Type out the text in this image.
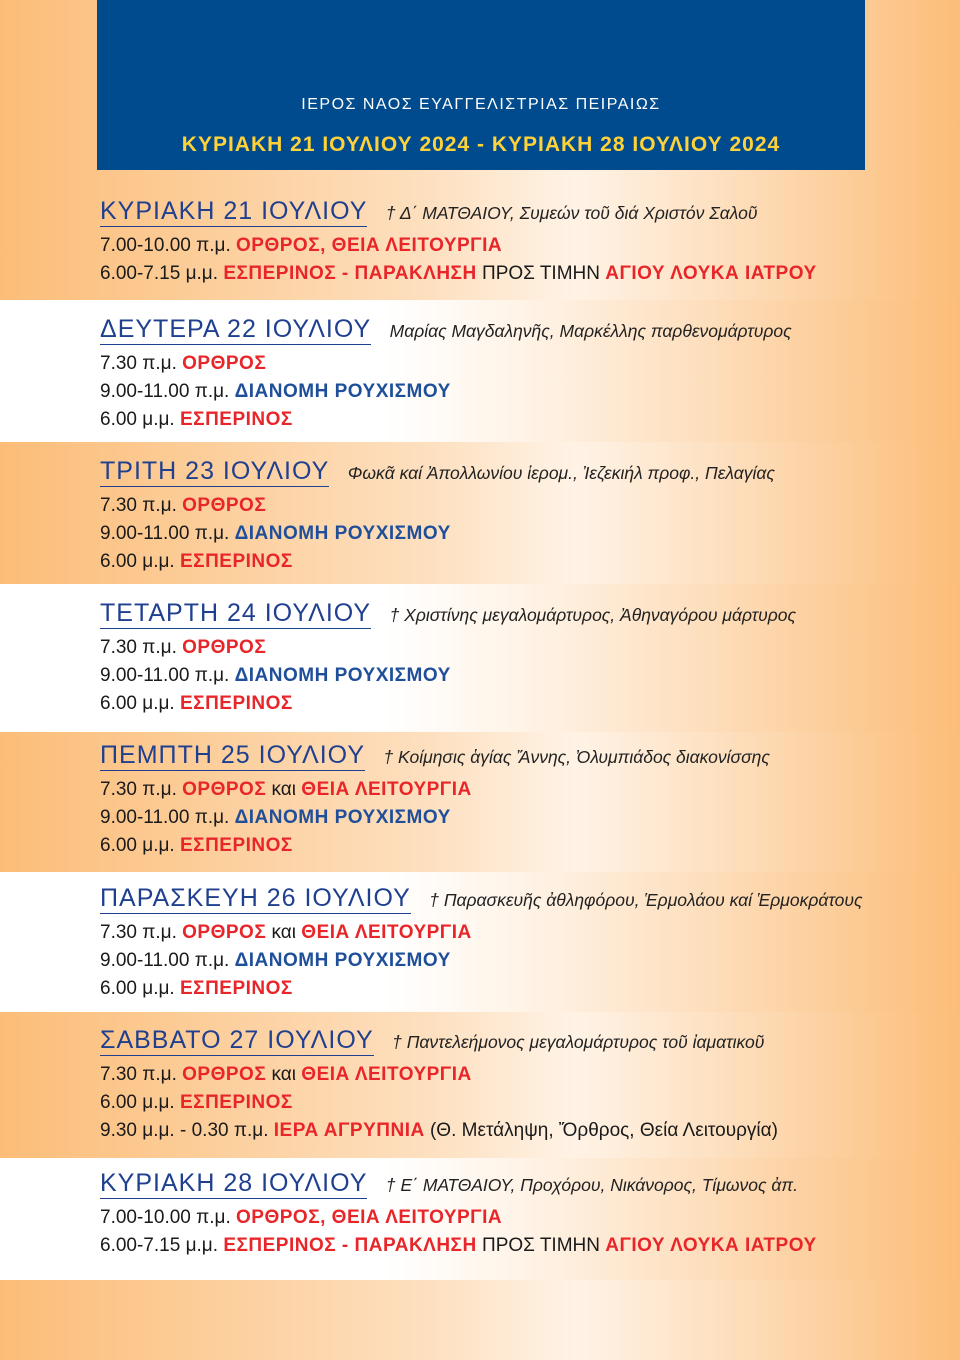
ΙΕΡΟΣ ΝΑΟΣ ΕΥΑΓΓΕΛΙΣΤΡΙΑΣ ΠΕΙΡΑΙΩΣ
ΚΥΡΙΑΚΗ 21 ΙΟΥΛΙΟΥ 2024 - ΚΥΡΙΑΚΗ 28 ΙΟΥΛΙΟΥ 2024
ΚΥΡΙΑΚΗ 21 ΙΟΥΛΙΟΥ † Δ΄ ΜΑΤΘΑΙΟΥ, Συμεών τοῦ διά Χριστόν Σαλοῦ
7.00-10.00 π.μ. ΟΡΘΡΟΣ, ΘΕΙΑ ΛΕΙΤΟΥΡΓΙΑ
6.00-7.15 μ.μ. ΕΣΠΕΡΙΝΟΣ - ΠΑΡΑΚΛΗΣΗ ΠΡΟΣ ΤΙΜΗΝ ΑΓΙΟΥ ΛΟΥΚΑ ΙΑΤΡΟΥ
ΔΕΥΤΕΡΑ 22 ΙΟΥΛΙΟΥ Μαρίας Μαγδαληνῆς, Μαρκέλλης παρθενομάρτυρος
7.30 π.μ. ΟΡΘΡΟΣ
9.00-11.00 π.μ. ΔΙΑΝΟΜΗ ΡΟΥΧΙΣΜΟΥ
6.00 μ.μ. ΕΣΠΕΡΙΝΟΣ
ΤΡΙΤΗ 23 ΙΟΥΛΙΟΥ Φωκᾶ καί Ἀπολλωνίου ἱερομ., Ἰεζεκιήλ προφ., Πελαγίας
7.30 π.μ. ΟΡΘΡΟΣ
9.00-11.00 π.μ. ΔΙΑΝΟΜΗ ΡΟΥΧΙΣΜΟΥ
6.00 μ.μ. ΕΣΠΕΡΙΝΟΣ
ΤΕΤΑΡΤΗ 24 ΙΟΥΛΙΟΥ † Χριστίνης μεγαλομάρτυρος, Ἀθηναγόρου μάρτυρος
7.30 π.μ. ΟΡΘΡΟΣ
9.00-11.00 π.μ. ΔΙΑΝΟΜΗ ΡΟΥΧΙΣΜΟΥ
6.00 μ.μ. ΕΣΠΕΡΙΝΟΣ
ΠΕΜΠΤΗ 25 ΙΟΥΛΙΟΥ † Κοίμησις ἁγίας Ἄννης, Ὀλυμπιάδος διακονίσσης
7.30 π.μ. ΟΡΘΡΟΣ και ΘΕΙΑ ΛΕΙΤΟΥΡΓΙΑ
9.00-11.00 π.μ. ΔΙΑΝΟΜΗ ΡΟΥΧΙΣΜΟΥ
6.00 μ.μ. ΕΣΠΕΡΙΝΟΣ
ΠΑΡΑΣΚΕΥΗ 26 ΙΟΥΛΙΟΥ † Παρασκευῆς ἀθληφόρου, Ἑρμολάου καί Ἑρμοκράτους
7.30 π.μ. ΟΡΘΡΟΣ και ΘΕΙΑ ΛΕΙΤΟΥΡΓΙΑ
9.00-11.00 π.μ. ΔΙΑΝΟΜΗ ΡΟΥΧΙΣΜΟΥ
6.00 μ.μ. ΕΣΠΕΡΙΝΟΣ
ΣΑΒΒΑΤΟ 27 ΙΟΥΛΙΟΥ † Παντελεήμονος μεγαλομάρτυρος τοῦ ἰαματικοῦ
7.30 π.μ. ΟΡΘΡΟΣ και ΘΕΙΑ ΛΕΙΤΟΥΡΓΙΑ
6.00 μ.μ. ΕΣΠΕΡΙΝΟΣ
9.30 μ.μ. - 0.30 π.μ. ΙΕΡΑ ΑΓΡΥΠΝΙΑ (Θ. Μετάληψη, Ὄρθρος, Θεία Λειτουργία)
ΚΥΡΙΑΚΗ 28 ΙΟΥΛΙΟΥ † Ε΄ ΜΑΤΘΑΙΟΥ, Προχόρου, Νικάνορος, Τίμωνος ἀπ.
7.00-10.00 π.μ. ΟΡΘΡΟΣ, ΘΕΙΑ ΛΕΙΤΟΥΡΓΙΑ
6.00-7.15 μ.μ. ΕΣΠΕΡΙΝΟΣ - ΠΑΡΑΚΛΗΣΗ ΠΡΟΣ ΤΙΜΗΝ ΑΓΙΟΥ ΛΟΥΚΑ ΙΑΤΡΟΥ
